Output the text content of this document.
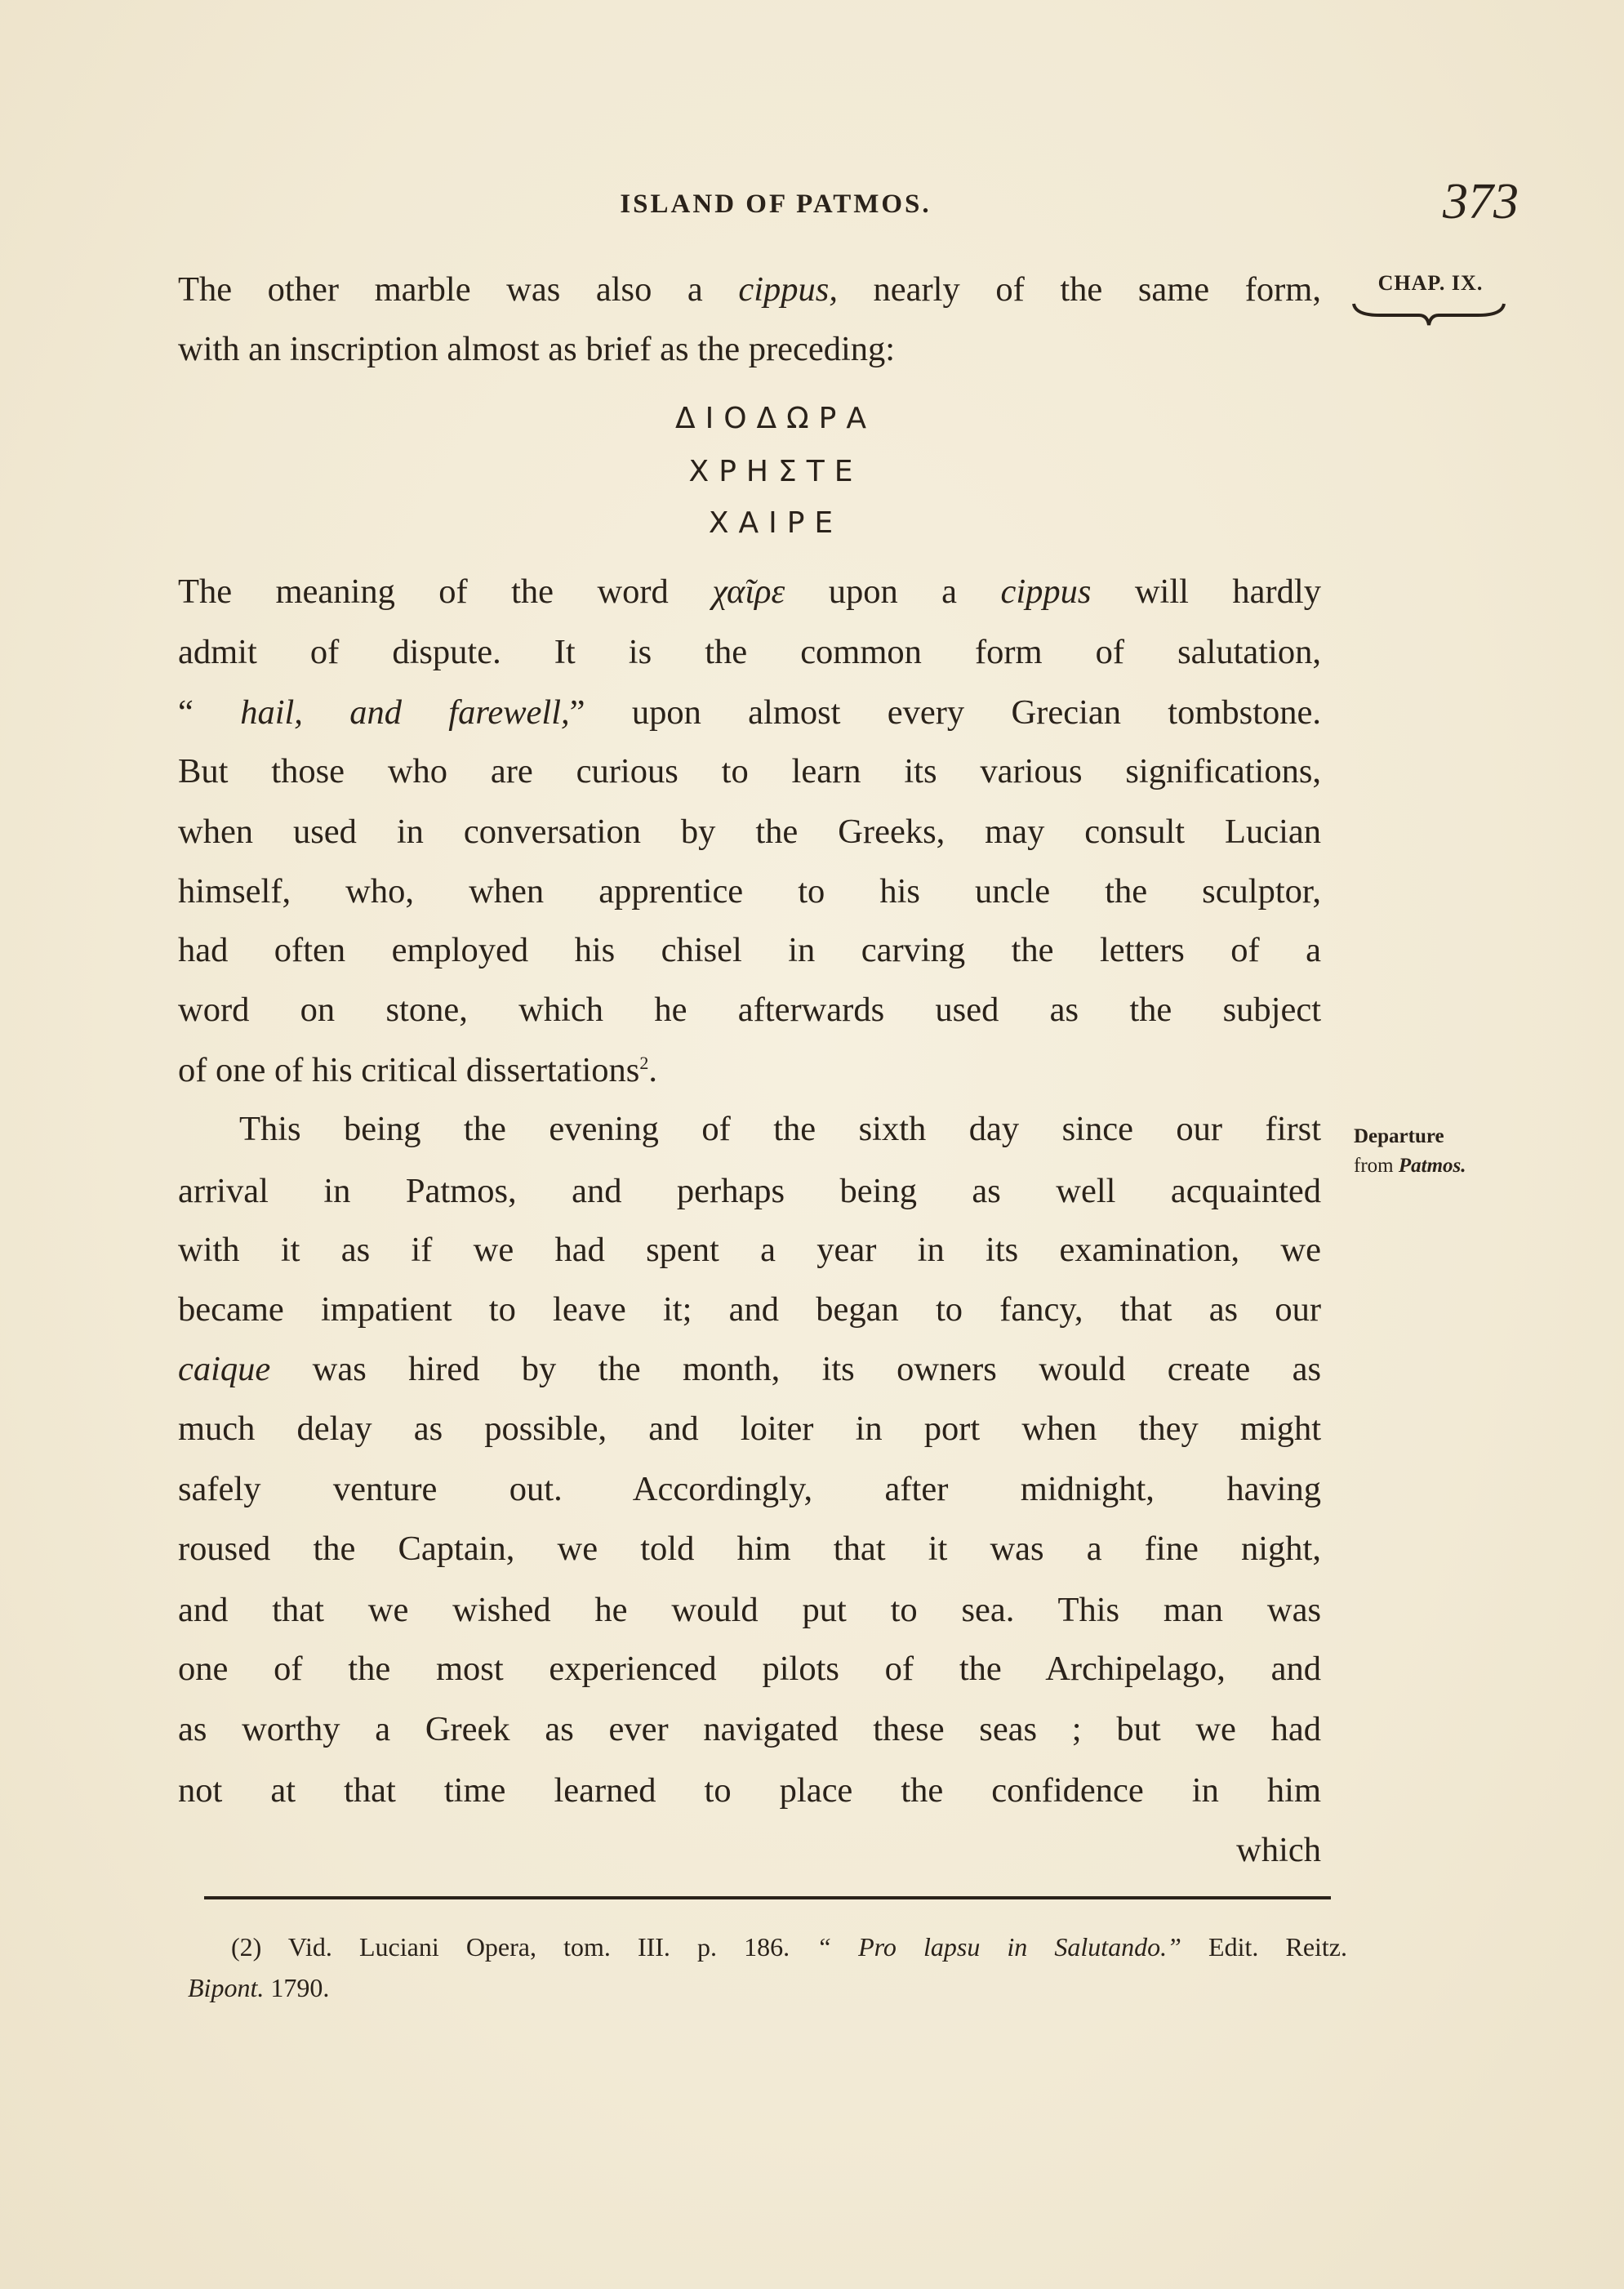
ISLAND OF PATMOS.	373
CHAP. IX.
Departure
from Patmos.
The other marble was also a cippus, nearly of the same form,
with an inscription almost as brief as the preceding:
ΔΙΟΔΩΡΑ
ΧΡΗΣΤΕ
ΧΑΙΡΕ
The meaning of the word χαῖρε upon a cippus will hardly
admit of dispute. It is the common form of salutation,
“ hail, and farewell,” upon almost every Grecian tombstone.
But those who are curious to learn its various significations,
when used in conversation by the Greeks, may consult Lucian
himself, who, when apprentice to his uncle the sculptor,
had often employed his chisel in carving the letters of a
word on stone, which he afterwards used as the subject
of one of his critical dissertations$^2$.
This being the evening of the sixth day since our first
arrival in Patmos, and perhaps being as well acquainted
with it as if we had spent a year in its examination, we
became impatient to leave it; and began to fancy, that as our
caique was hired by the month, its owners would create as
much delay as possible, and loiter in port when they might
safely venture out. Accordingly, after midnight, having
roused the Captain, we told him that it was a fine night,
and that we wished he would put to sea. This man was
one of the most experienced pilots of the Archipelago, and
as worthy a Greek as ever navigated these seas ; but we had
not at that time learned to place the confidence in him
which
(2) Vid. Luciani Opera, tom. III. p. 186. “ Pro lapsu in Salutando.” Edit. Reitz.
Bipont. 1790.
